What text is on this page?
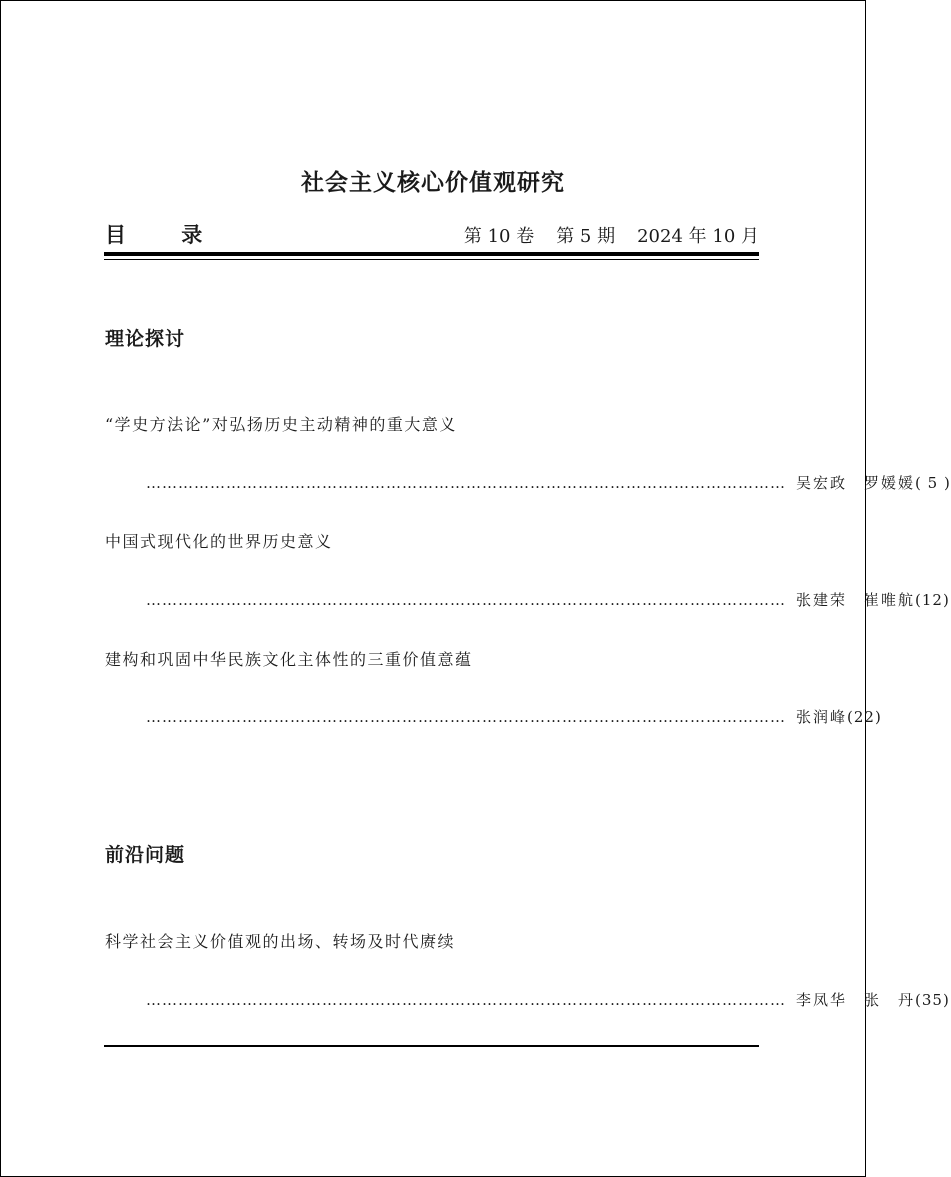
社会主义核心价值观研究
目 录	第 10 卷 第 5 期 2024 年 10 月
理论探讨
“学史方法论”对弘扬历史主动精神的重大意义
………………………………………………………………………………………………………… 吴宏政　罗媛媛 ( 5 )
中国式现代化的世界历史意义
………………………………………………………………………………………………………… 张建荣　崔唯航 (12)
建构和巩固中华民族文化主体性的三重价值意蕴
………………………………………………………………………………………………………… 张润峰 (22)
前沿问题
科学社会主义价值观的出场、转场及时代赓续
………………………………………………………………………………………………………… 李凤华　张　丹 (35)
